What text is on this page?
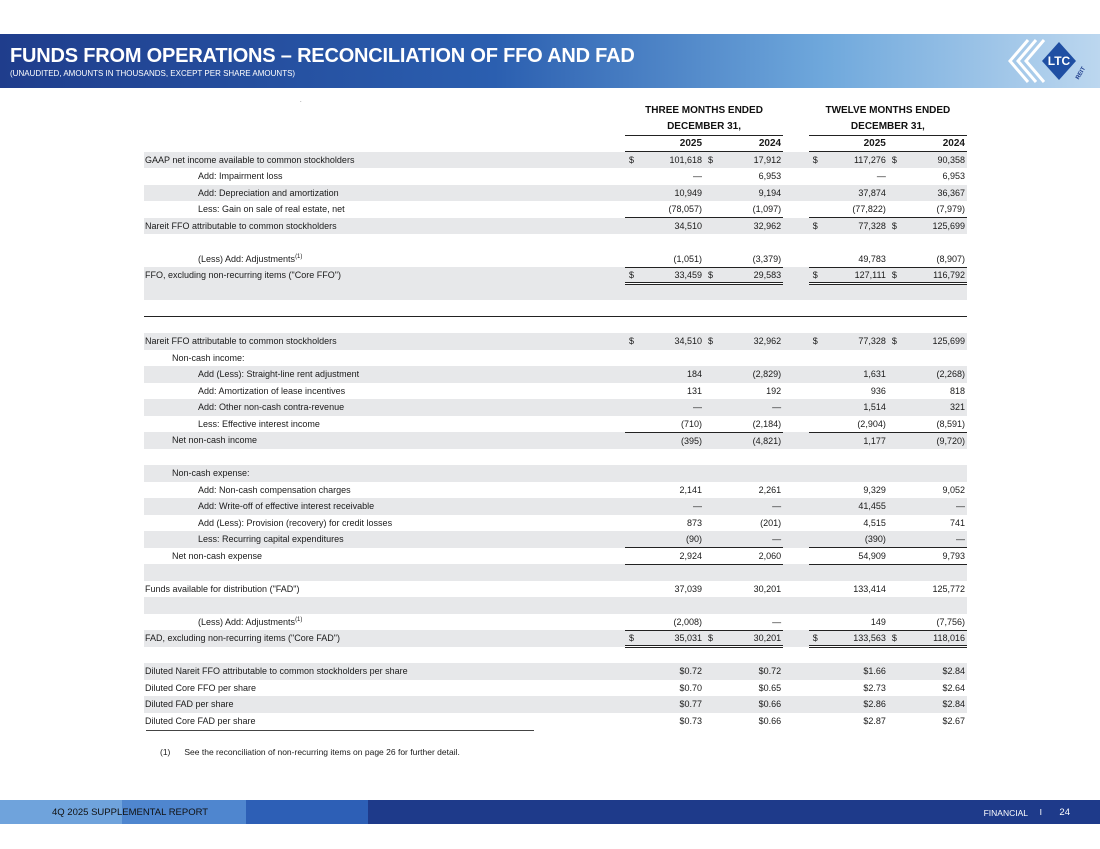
FUNDS FROM OPERATIONS – RECONCILIATION OF FFO AND FAD
(UNAUDITED, AMOUNTS IN THOUSANDS, EXCEPT PER SHARE AMOUNTS)
LTC
REIT
.
	THREE MONTHS ENDED			TWELVE MONTHS ENDED	
	DECEMBER 31,			DECEMBER 31,	
	2025	2024		2025	2024
GAAP net income available to common stockholders	$ 101,618	$ 17,912		$ 117,276	$ 90,358
Add: Impairment loss	—	6,953		—	6,953
Add: Depreciation and amortization	10,949	9,194		37,874	36,367
Less: Gain on sale of real estate, net	(78,057)	(1,097)		(77,822)	(7,979)
Nareit FFO attributable to common stockholders	34,510	32,962		$ 77,328	$ 125,699

(Less) Add: Adjustments$^{(1)}$	(1,051)	(3,379)		49,783	(8,907)
FFO, excluding non-recurring items ("Core FFO")	$ 33,459	$ 29,583		$ 127,111	$ 116,792

Nareit FFO attributable to common stockholders	$ 34,510	$ 32,962		$ 77,328	$ 125,699
Non-cash income:					
Add (Less): Straight-line rent adjustment	184	(2,829)		1,631	(2,268)
Add: Amortization of lease incentives	131	192		936	818
Add: Other non-cash contra-revenue	—	—		1,514	321
Less: Effective interest income	(710)	(2,184)		(2,904)	(8,591)
Net non-cash income	(395)	(4,821)		1,177	(9,720)

Non-cash expense:					
Add: Non-cash compensation charges	2,141	2,261		9,329	9,052
Add: Write-off of effective interest receivable	—	—		41,455	—
Add (Less): Provision (recovery) for credit losses	873	(201)		4,515	741
Less: Recurring capital expenditures	(90)	—		(390)	—
Net non-cash expense	2,924	2,060		54,909	9,793

Funds available for distribution ("FAD")	37,039	30,201		133,414	125,772

(Less) Add: Adjustments$^{(1)}$	(2,008)	—		149	(7,756)
FAD, excluding non-recurring items ("Core FAD")	$ 35,031	$ 30,201		$ 133,563	$ 118,016

Diluted Nareit FFO attributable to common stockholders per share	$0.72	$0.72		$1.66	$2.84
Diluted Core FFO per share	$0.70	$0.65		$2.73	$2.64
Diluted FAD per share	$0.77	$0.66		$2.86	$2.84
Diluted Core FAD per share	$0.73	$0.66		$2.87	$2.67
(1) See the reconciliation of non-recurring items on page 26 for further detail.
4Q 2025 SUPPLEMENTAL REPORT	FINANCIAL I 24
